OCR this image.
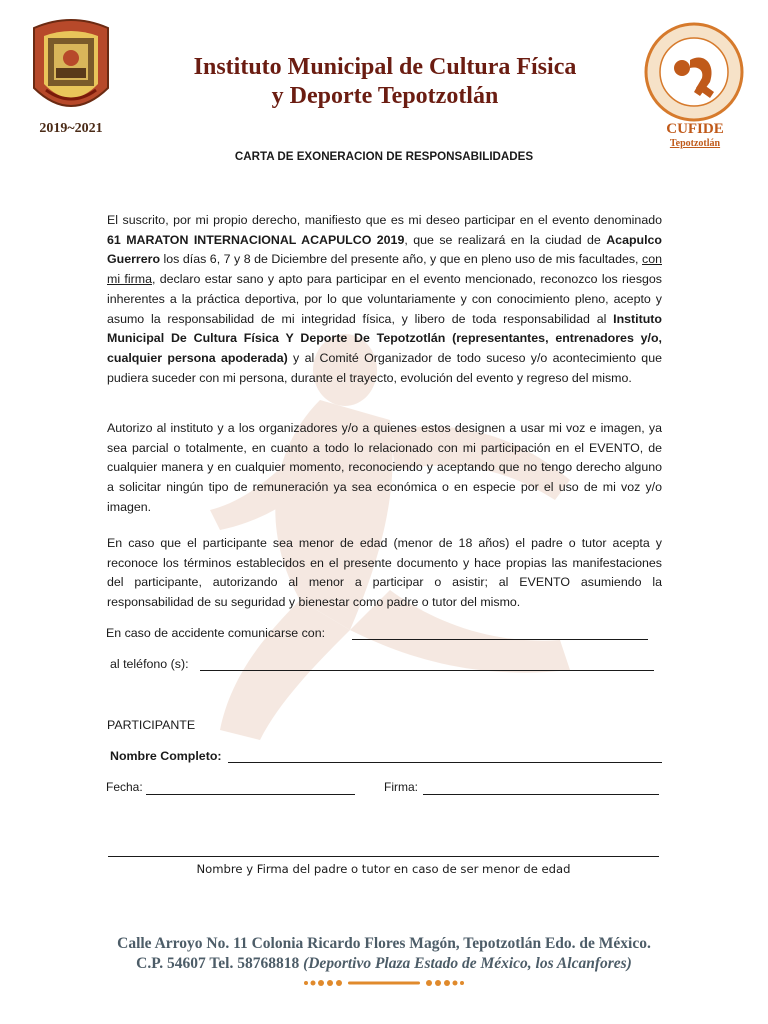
2019~2021
Instituto Municipal de Cultura Física
y Deporte Tepotzotlán
CUFIDE
Tepotzotlán
CARTA DE EXONERACION DE RESPONSABILIDADES
El suscrito, por mi propio derecho, manifiesto que es mi deseo participar en el evento denominado 61 MARATON INTERNACIONAL ACAPULCO 2019, que se realizará en la ciudad de Acapulco Guerrero los días 6, 7 y 8 de Diciembre del presente año, y que en pleno uso de mis facultades, con mi firma, declaro estar sano y apto para participar en el evento mencionado, reconozco los riesgos inherentes a la práctica deportiva, por lo que voluntariamente y con conocimiento pleno, acepto y asumo la responsabilidad de mi integridad física, y libero de toda responsabilidad al Instituto Municipal De Cultura Física Y Deporte De Tepotzotlán (representantes, entrenadores y/o, cualquier persona apoderada) y al Comité Organizador de todo suceso y/o acontecimiento que pudiera suceder con mi persona, durante el trayecto, evolución del evento y regreso del mismo.
Autorizo al instituto y a los organizadores y/o a quienes estos designen a usar mi voz e imagen, ya sea parcial o totalmente, en cuanto a todo lo relacionado con mi participación en el EVENTO, de cualquier manera y en cualquier momento, reconociendo y aceptando que no tengo derecho alguno a solicitar ningún tipo de remuneración ya sea económica o en especie por el uso de mi voz y/o imagen.
En caso que el participante sea menor de edad (menor de 18 años) el padre o tutor acepta y reconoce los términos establecidos en el presente documento y hace propias las manifestaciones del participante, autorizando al menor a participar o asistir; al EVENTO asumiendo la responsabilidad de su seguridad y bienestar como padre o tutor del mismo.
En caso de accidente comunicarse con:
al teléfono (s):
PARTICIPANTE
Nombre Completo:
Fecha:	Firma:
Nombre y Firma del padre o tutor en caso de ser menor de edad
Calle Arroyo No. 11 Colonia Ricardo Flores Magón, Tepotzotlán Edo. de México.
C.P. 54607 Tel. 58768818 (Deportivo Plaza Estado de México, los Alcanfores)
